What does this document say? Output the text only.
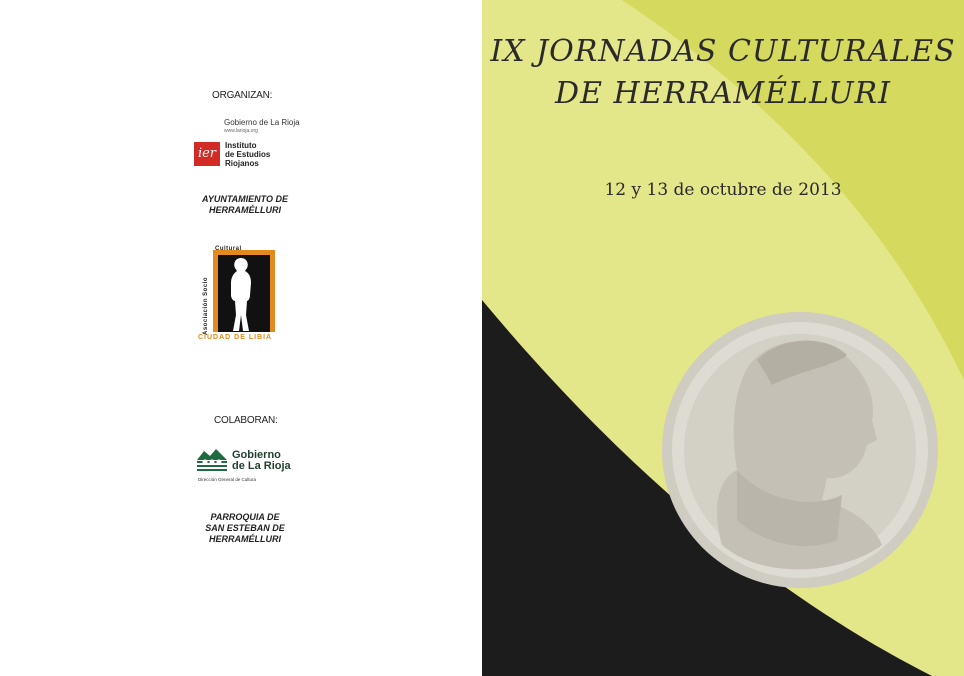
ORGANIZAN:
Gobierno de La Rioja
www.larioja.org
ier
Instituto
de Estudios
Riojanos
AYUNTAMIENTO DE
HERRAMÉLLURI
Cultural
Asociación Socio
CIUDAD DE LIBIA
COLABORAN:
Gobierno
de La Rioja
Dirección General de Cultura
PARROQUIA DE
SAN ESTEBAN DE
HERRAMÉLLURI
IX JORNADAS CULTURALES
DE HERRAMÉLLURI
12 y 13 de octubre de 2013
